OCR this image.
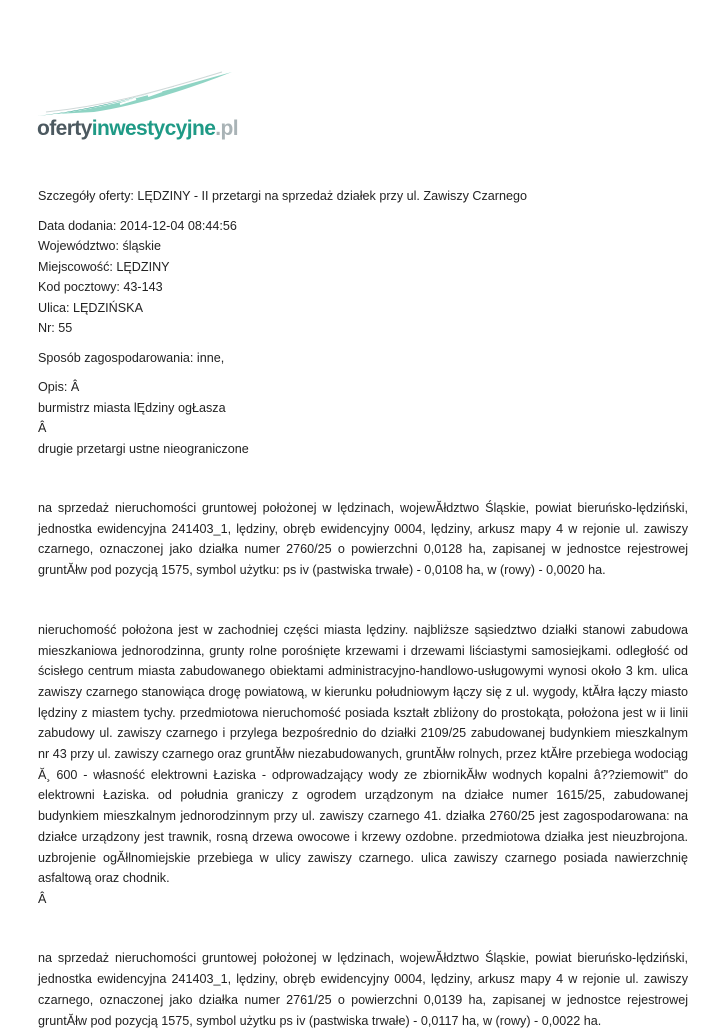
ofertyinwestycyjne.pl
Szczegóły oferty: LĘDZINY - II przetargi na sprzedaż działek przy ul. Zawiszy Czarnego
Data dodania: 2014-12-04 08:44:56
Województwo: śląskie
Miejscowość: LĘDZINY
Kod pocztowy: 43-143
Ulica: LĘDZIŃSKA
Nr: 55
Sposób zagospodarowania: inne,
Opis: Â
burmistrz miasta lĘdziny ogŁasza
Â
drugie przetargi ustne nieograniczone
na sprzedaż nieruchomości gruntowej położonej w lędzinach, wojewĂłdztwo Śląskie, powiat bieruńsko-lędziński, jednostka ewidencyjna 241403_1, lędziny, obręb ewidencyjny 0004, lędziny, arkusz mapy 4 w rejonie ul. zawiszy czarnego, oznaczonej jako działka numer 2760/25 o powierzchni 0,0128 ha, zapisanej w jednostce rejestrowej gruntĂłw pod pozycją 1575, symbol użytku: ps iv (pastwiska trwałe) - 0,0108 ha, w (rowy) - 0,0020 ha.
nieruchomość położona jest w zachodniej części miasta lędziny. najbliższe sąsiedztwo działki stanowi zabudowa mieszkaniowa jednorodzinna, grunty rolne porośnięte krzewami i drzewami liściastymi samosiejkami. odległość od ścisłego centrum miasta zabudowanego obiektami administracyjno-handlowo-usługowymi wynosi około 3 km. ulica zawiszy czarnego stanowiąca drogę powiatową, w kierunku południowym łączy się z ul. wygody, ktĂłra łączy miasto lędziny z miastem tychy. przedmiotowa nieruchomość posiada kształt zbliżony do prostokąta, położona jest w ii linii zabudowy ul. zawiszy czarnego i przylega bezpośrednio do działki 2109/25 zabudowanej budynkiem mieszkalnym nr 43 przy ul. zawiszy czarnego oraz gruntĂłw niezabudowanych, gruntĂłw rolnych, przez ktĂłre przebiega wodociąg Ă¸ 600 - własność elektrowni Łaziska - odprowadzający wody ze zbiornikĂłw wodnych kopalni â??ziemowit" do elektrowni Łaziska. od południa graniczy z ogrodem urządzonym na działce numer 1615/25, zabudowanej budynkiem mieszkalnym jednorodzinnym przy ul. zawiszy czarnego 41. działka 2760/25 jest zagospodarowana: na działce urządzony jest trawnik, rosną drzewa owocowe i krzewy ozdobne. przedmiotowa działka jest nieuzbrojona. uzbrojenie ogĂłlnomiejskie przebiega w ulicy zawiszy czarnego. ulica zawiszy czarnego posiada nawierzchnię asfaltową oraz chodnik.
Â
na sprzedaż nieruchomości gruntowej położonej w lędzinach, wojewĂłdztwo Śląskie, powiat bieruńsko-lędziński, jednostka ewidencyjna 241403_1, lędziny, obręb ewidencyjny 0004, lędziny, arkusz mapy 4 w rejonie ul. zawiszy czarnego, oznaczonej jako działka numer 2761/25 o powierzchni 0,0139 ha, zapisanej w jednostce rejestrowej gruntĂłw pod pozycją 1575, symbol użytku ps iv (pastwiska trwałe) - 0,0117 ha, w (rowy) - 0,0022 ha.
